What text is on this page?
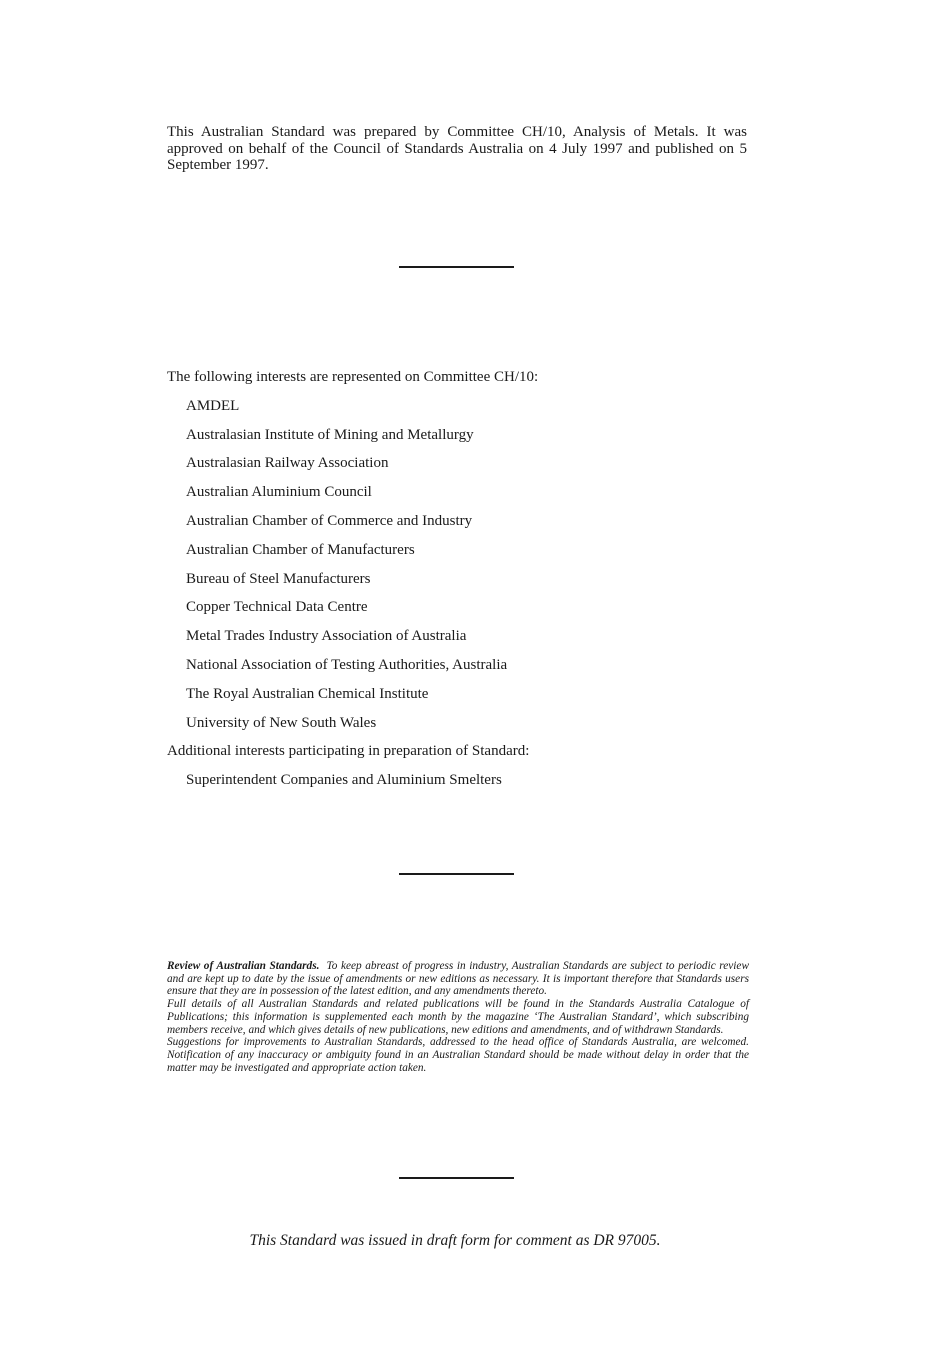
This Australian Standard was prepared by Committee CH/10, Analysis of Metals. It was approved on behalf of the Council of Standards Australia on 4 July 1997 and published on 5 September 1997.
The following interests are represented on Committee CH/10:
AMDEL
Australasian Institute of Mining and Metallurgy
Australasian Railway Association
Australian Aluminium Council
Australian Chamber of Commerce and Industry
Australian Chamber of Manufacturers
Bureau of Steel Manufacturers
Copper Technical Data Centre
Metal Trades Industry Association of Australia
National Association of Testing Authorities, Australia
The Royal Australian Chemical Institute
University of New South Wales
Additional interests participating in preparation of Standard:
Superintendent Companies and Aluminium Smelters

Review of Australian Standards. To keep abreast of progress in industry, Australian Standards are subject to periodic review and are kept up to date by the issue of amendments or new editions as necessary. It is important therefore that Standards users ensure that they are in possession of the latest edition, and any amendments thereto.

Full details of all Australian Standards and related publications will be found in the Standards Australia Catalogue of Publications; this information is supplemented each month by the magazine ‘The Australian Standard’, which subscribing members receive, and which gives details of new publications, new editions and amendments, and of withdrawn Standards.

Suggestions for improvements to Australian Standards, addressed to the head office of Standards Australia, are welcomed. Notification of any inaccuracy or ambiguity found in an Australian Standard should be made without delay in order that the matter may be investigated and appropriate action taken.

This Standard was issued in draft form for comment as DR 97005.
